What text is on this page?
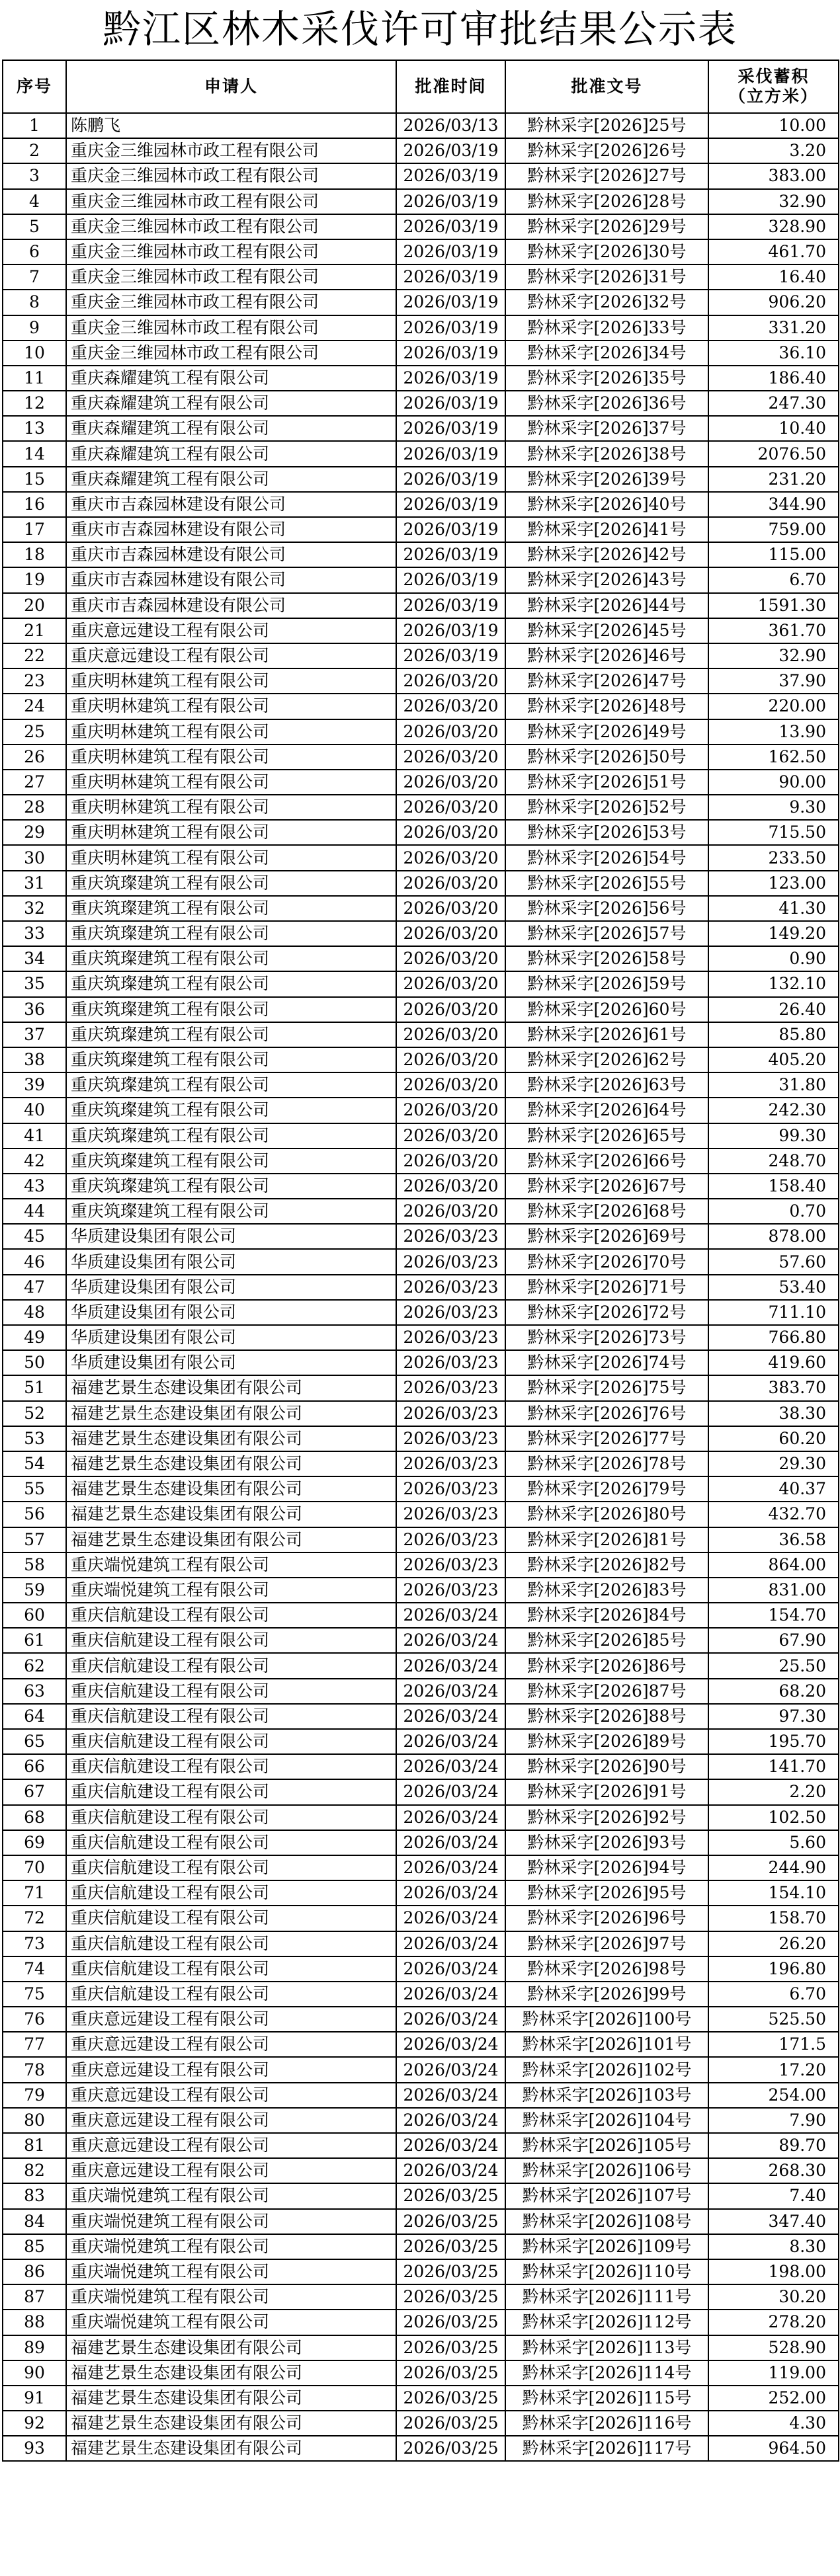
黔江区林木采伐许可审批结果公示表
序号	申请人	批准时间	批准文号	采伐蓄积（立方米）

1	陈鹏飞	2026/03/13	黔林采字[2026]25号	10.00
2	重庆金三维园林市政工程有限公司	2026/03/19	黔林采字[2026]26号	3.20
3	重庆金三维园林市政工程有限公司	2026/03/19	黔林采字[2026]27号	383.00
4	重庆金三维园林市政工程有限公司	2026/03/19	黔林采字[2026]28号	32.90
5	重庆金三维园林市政工程有限公司	2026/03/19	黔林采字[2026]29号	328.90
6	重庆金三维园林市政工程有限公司	2026/03/19	黔林采字[2026]30号	461.70
7	重庆金三维园林市政工程有限公司	2026/03/19	黔林采字[2026]31号	16.40
8	重庆金三维园林市政工程有限公司	2026/03/19	黔林采字[2026]32号	906.20
9	重庆金三维园林市政工程有限公司	2026/03/19	黔林采字[2026]33号	331.20
10	重庆金三维园林市政工程有限公司	2026/03/19	黔林采字[2026]34号	36.10
11	重庆森耀建筑工程有限公司	2026/03/19	黔林采字[2026]35号	186.40
12	重庆森耀建筑工程有限公司	2026/03/19	黔林采字[2026]36号	247.30
13	重庆森耀建筑工程有限公司	2026/03/19	黔林采字[2026]37号	10.40
14	重庆森耀建筑工程有限公司	2026/03/19	黔林采字[2026]38号	2076.50
15	重庆森耀建筑工程有限公司	2026/03/19	黔林采字[2026]39号	231.20
16	重庆市吉森园林建设有限公司	2026/03/19	黔林采字[2026]40号	344.90
17	重庆市吉森园林建设有限公司	2026/03/19	黔林采字[2026]41号	759.00
18	重庆市吉森园林建设有限公司	2026/03/19	黔林采字[2026]42号	115.00
19	重庆市吉森园林建设有限公司	2026/03/19	黔林采字[2026]43号	6.70
20	重庆市吉森园林建设有限公司	2026/03/19	黔林采字[2026]44号	1591.30
21	重庆意远建设工程有限公司	2026/03/19	黔林采字[2026]45号	361.70
22	重庆意远建设工程有限公司	2026/03/19	黔林采字[2026]46号	32.90
23	重庆明林建筑工程有限公司	2026/03/20	黔林采字[2026]47号	37.90
24	重庆明林建筑工程有限公司	2026/03/20	黔林采字[2026]48号	220.00
25	重庆明林建筑工程有限公司	2026/03/20	黔林采字[2026]49号	13.90
26	重庆明林建筑工程有限公司	2026/03/20	黔林采字[2026]50号	162.50
27	重庆明林建筑工程有限公司	2026/03/20	黔林采字[2026]51号	90.00
28	重庆明林建筑工程有限公司	2026/03/20	黔林采字[2026]52号	9.30
29	重庆明林建筑工程有限公司	2026/03/20	黔林采字[2026]53号	715.50
30	重庆明林建筑工程有限公司	2026/03/20	黔林采字[2026]54号	233.50
31	重庆筑璨建筑工程有限公司	2026/03/20	黔林采字[2026]55号	123.00
32	重庆筑璨建筑工程有限公司	2026/03/20	黔林采字[2026]56号	41.30
33	重庆筑璨建筑工程有限公司	2026/03/20	黔林采字[2026]57号	149.20
34	重庆筑璨建筑工程有限公司	2026/03/20	黔林采字[2026]58号	0.90
35	重庆筑璨建筑工程有限公司	2026/03/20	黔林采字[2026]59号	132.10
36	重庆筑璨建筑工程有限公司	2026/03/20	黔林采字[2026]60号	26.40
37	重庆筑璨建筑工程有限公司	2026/03/20	黔林采字[2026]61号	85.80
38	重庆筑璨建筑工程有限公司	2026/03/20	黔林采字[2026]62号	405.20
39	重庆筑璨建筑工程有限公司	2026/03/20	黔林采字[2026]63号	31.80
40	重庆筑璨建筑工程有限公司	2026/03/20	黔林采字[2026]64号	242.30
41	重庆筑璨建筑工程有限公司	2026/03/20	黔林采字[2026]65号	99.30
42	重庆筑璨建筑工程有限公司	2026/03/20	黔林采字[2026]66号	248.70
43	重庆筑璨建筑工程有限公司	2026/03/20	黔林采字[2026]67号	158.40
44	重庆筑璨建筑工程有限公司	2026/03/20	黔林采字[2026]68号	0.70
45	华质建设集团有限公司	2026/03/23	黔林采字[2026]69号	878.00
46	华质建设集团有限公司	2026/03/23	黔林采字[2026]70号	57.60
47	华质建设集团有限公司	2026/03/23	黔林采字[2026]71号	53.40
48	华质建设集团有限公司	2026/03/23	黔林采字[2026]72号	711.10
49	华质建设集团有限公司	2026/03/23	黔林采字[2026]73号	766.80
50	华质建设集团有限公司	2026/03/23	黔林采字[2026]74号	419.60
51	福建艺景生态建设集团有限公司	2026/03/23	黔林采字[2026]75号	383.70
52	福建艺景生态建设集团有限公司	2026/03/23	黔林采字[2026]76号	38.30
53	福建艺景生态建设集团有限公司	2026/03/23	黔林采字[2026]77号	60.20
54	福建艺景生态建设集团有限公司	2026/03/23	黔林采字[2026]78号	29.30
55	福建艺景生态建设集团有限公司	2026/03/23	黔林采字[2026]79号	40.37
56	福建艺景生态建设集团有限公司	2026/03/23	黔林采字[2026]80号	432.70
57	福建艺景生态建设集团有限公司	2026/03/23	黔林采字[2026]81号	36.58
58	重庆端悦建筑工程有限公司	2026/03/23	黔林采字[2026]82号	864.00
59	重庆端悦建筑工程有限公司	2026/03/23	黔林采字[2026]83号	831.00
60	重庆信航建设工程有限公司	2026/03/24	黔林采字[2026]84号	154.70
61	重庆信航建设工程有限公司	2026/03/24	黔林采字[2026]85号	67.90
62	重庆信航建设工程有限公司	2026/03/24	黔林采字[2026]86号	25.50
63	重庆信航建设工程有限公司	2026/03/24	黔林采字[2026]87号	68.20
64	重庆信航建设工程有限公司	2026/03/24	黔林采字[2026]88号	97.30
65	重庆信航建设工程有限公司	2026/03/24	黔林采字[2026]89号	195.70
66	重庆信航建设工程有限公司	2026/03/24	黔林采字[2026]90号	141.70
67	重庆信航建设工程有限公司	2026/03/24	黔林采字[2026]91号	2.20
68	重庆信航建设工程有限公司	2026/03/24	黔林采字[2026]92号	102.50
69	重庆信航建设工程有限公司	2026/03/24	黔林采字[2026]93号	5.60
70	重庆信航建设工程有限公司	2026/03/24	黔林采字[2026]94号	244.90
71	重庆信航建设工程有限公司	2026/03/24	黔林采字[2026]95号	154.10
72	重庆信航建设工程有限公司	2026/03/24	黔林采字[2026]96号	158.70
73	重庆信航建设工程有限公司	2026/03/24	黔林采字[2026]97号	26.20
74	重庆信航建设工程有限公司	2026/03/24	黔林采字[2026]98号	196.80
75	重庆信航建设工程有限公司	2026/03/24	黔林采字[2026]99号	6.70
76	重庆意远建设工程有限公司	2026/03/24	黔林采字[2026]100号	525.50
77	重庆意远建设工程有限公司	2026/03/24	黔林采字[2026]101号	171.5
78	重庆意远建设工程有限公司	2026/03/24	黔林采字[2026]102号	17.20
79	重庆意远建设工程有限公司	2026/03/24	黔林采字[2026]103号	254.00
80	重庆意远建设工程有限公司	2026/03/24	黔林采字[2026]104号	7.90
81	重庆意远建设工程有限公司	2026/03/24	黔林采字[2026]105号	89.70
82	重庆意远建设工程有限公司	2026/03/24	黔林采字[2026]106号	268.30
83	重庆端悦建筑工程有限公司	2026/03/25	黔林采字[2026]107号	7.40
84	重庆端悦建筑工程有限公司	2026/03/25	黔林采字[2026]108号	347.40
85	重庆端悦建筑工程有限公司	2026/03/25	黔林采字[2026]109号	8.30
86	重庆端悦建筑工程有限公司	2026/03/25	黔林采字[2026]110号	198.00
87	重庆端悦建筑工程有限公司	2026/03/25	黔林采字[2026]111号	30.20
88	重庆端悦建筑工程有限公司	2026/03/25	黔林采字[2026]112号	278.20
89	福建艺景生态建设集团有限公司	2026/03/25	黔林采字[2026]113号	528.90
90	福建艺景生态建设集团有限公司	2026/03/25	黔林采字[2026]114号	119.00
91	福建艺景生态建设集团有限公司	2026/03/25	黔林采字[2026]115号	252.00
92	福建艺景生态建设集团有限公司	2026/03/25	黔林采字[2026]116号	4.30
93	福建艺景生态建设集团有限公司	2026/03/25	黔林采字[2026]117号	964.50
